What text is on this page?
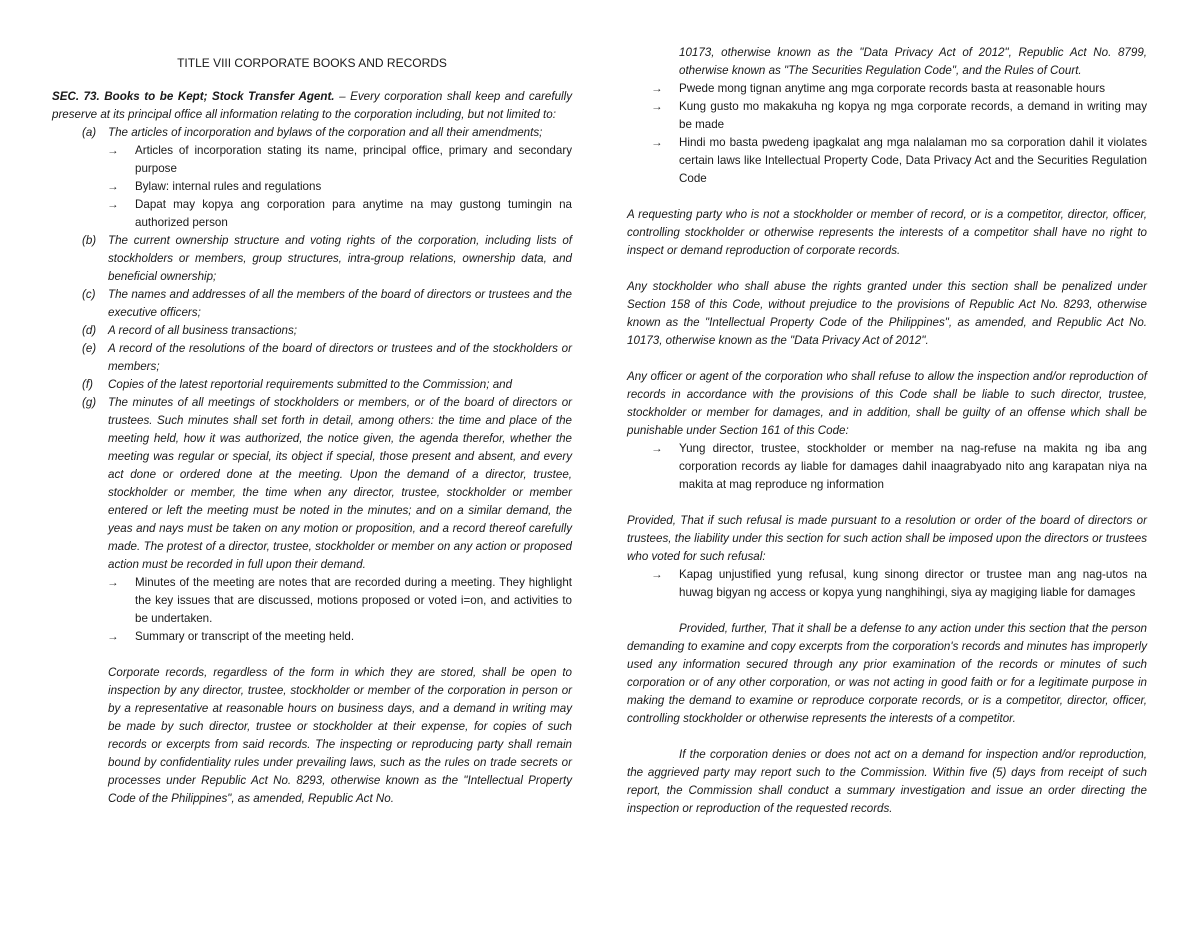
TITLE VIII CORPORATE BOOKS AND RECORDS

SEC. 73. Books to be Kept; Stock Transfer Agent. – Every corporation shall keep and carefully preserve at its principal office all information relating to the corporation including, but not limited to:

(a)	The articles of incorporation and bylaws of the corporation and all their amendments;
→	Articles of incorporation stating its name, principal office, primary and secondary purpose
→	Bylaw: internal rules and regulations
→	Dapat may kopya ang corporation para anytime na may gustong tumingin na authorized person
(b)	The current ownership structure and voting rights of the corporation, including lists of stockholders or members, group structures, intra-group relations, ownership data, and beneficial ownership;
(c)	The names and addresses of all the members of the board of directors or trustees and the executive officers;
(d)	A record of all business transactions;
(e)	A record of the resolutions of the board of directors or trustees and of the stockholders or members;
(f)	Copies of the latest reportorial requirements submitted to the Commission; and
(g)	The minutes of all meetings of stockholders or members, or of the board of directors or trustees. Such minutes shall set forth in detail, among others: the time and place of the meeting held, how it was authorized, the notice given, the agenda therefor, whether the meeting was regular or special, its object if special, those present and absent, and every act done or ordered done at the meeting. Upon the demand of a director, trustee, stockholder or member, the time when any director, trustee, stockholder or member entered or left the meeting must be noted in the minutes; and on a similar demand, the yeas and nays must be taken on any motion or proposition, and a record thereof carefully made. The protest of a director, trustee, stockholder or member on any action or proposed action must be recorded in full upon their demand.
→	Minutes of the meeting are notes that are recorded during a meeting. They highlight the key issues that are discussed, motions proposed or voted i=on, and activities to be undertaken.
→	Summary or transcript of the meeting held.

Corporate records, regardless of the form in which they are stored, shall be open to inspection by any director, trustee, stockholder or member of the corporation in person or by a representative at reasonable hours on business days, and a demand in writing may be made by such director, trustee or stockholder at their expense, for copies of such records or excerpts from said records. The inspecting or reproducing party shall remain bound by confidentiality rules under prevailing laws, such as the rules on trade secrets or processes under Republic Act No. 8293, otherwise known as the "Intellectual Property Code of the Philippines", as amended, Republic Act No.

10173, otherwise known as the "Data Privacy Act of 2012", Republic Act No. 8799, otherwise known as "The Securities Regulation Code", and the Rules of Court.

→	Pwede mong tignan anytime ang mga corporate records basta at reasonable hours
→	Kung gusto mo makakuha ng kopya ng mga corporate records, a demand in writing may be made
→	Hindi mo basta pwedeng ipagkalat ang mga nalalaman mo sa corporation dahil it violates certain laws like Intellectual Property Code, Data Privacy Act and the Securities Regulation Code

A requesting party who is not a stockholder or member of record, or is a competitor, director, officer, controlling stockholder or otherwise represents the interests of a competitor shall have no right to inspect or demand reproduction of corporate records.

Any stockholder who shall abuse the rights granted under this section shall be penalized under Section 158 of this Code, without prejudice to the provisions of Republic Act No. 8293, otherwise known as the "Intellectual Property Code of the Philippines", as amended, and Republic Act No. 10173, otherwise known as the "Data Privacy Act of 2012".

Any officer or agent of the corporation who shall refuse to allow the inspection and/or reproduction of records in accordance with the provisions of this Code shall be liable to such director, trustee, stockholder or member for damages, and in addition, shall be guilty of an offense which shall be punishable under Section 161 of this Code:

→	Yung director, trustee, stockholder or member na nag-refuse na makita ng iba ang corporation records ay liable for damages dahil inaagrabyado nito ang karapatan niya na makita at mag reproduce ng information

Provided, That if such refusal is made pursuant to a resolution or order of the board of directors or trustees, the liability under this section for such action shall be imposed upon the directors or trustees who voted for such refusal:

→	Kapag unjustified yung refusal, kung sinong director or trustee man ang nag-utos na huwag bigyan ng access or kopya yung nanghihingi, siya ay magiging liable for damages

Provided, further, That it shall be a defense to any action under this section that the person demanding to examine and copy excerpts from the corporation's records and minutes has improperly used any information secured through any prior examination of the records or minutes of such corporation or of any other corporation, or was not acting in good faith or for a legitimate purpose in making the demand to examine or reproduce corporate records, or is a competitor, director, officer, controlling stockholder or otherwise represents the interests of a competitor.

If the corporation denies or does not act on a demand for inspection and/or reproduction, the aggrieved party may report such to the Commission. Within five (5) days from receipt of such report, the Commission shall conduct a summary investigation and issue an order directing the inspection or reproduction of the requested records.
